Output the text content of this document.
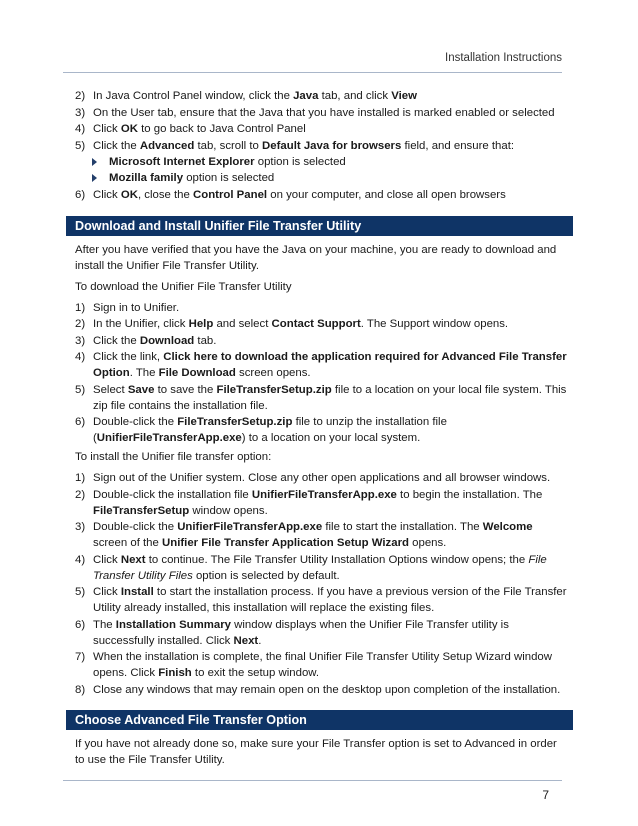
Installation Instructions
2) In Java Control Panel window, click the Java tab, and click View
3) On the User tab, ensure that the Java that you have installed is marked enabled or selected
4) Click OK to go back to Java Control Panel
5) Click the Advanced tab, scroll to Default Java for browsers field, and ensure that:
Microsoft Internet Explorer option is selected
Mozilla family option is selected
6) Click OK, close the Control Panel on your computer, and close all open browsers
Download and Install Unifier File Transfer Utility

After you have verified that you have the Java on your machine, you are ready to download and install the Unifier File Transfer Utility.

To download the Unifier File Transfer Utility

1) Sign in to Unifier.
2) In the Unifier, click Help and select Contact Support. The Support window opens.
3) Click the Download tab.
4) Click the link, Click here to download the application required for Advanced File Transfer Option. The File Download screen opens.
5) Select Save to save the FileTransferSetup.zip file to a location on your local file system. This zip file contains the installation file.
6) Double-click the FileTransferSetup.zip file to unzip the installation file (UnifierFileTransferApp.exe) to a location on your local system.

To install the Unifier file transfer option:

1) Sign out of the Unifier system. Close any other open applications and all browser windows.
2) Double-click the installation file UnifierFileTransferApp.exe to begin the installation. The FileTransferSetup window opens.
3) Double-click the UnifierFileTransferApp.exe file to start the installation. The Welcome screen of the Unifier File Transfer Application Setup Wizard opens.
4) Click Next to continue. The File Transfer Utility Installation Options window opens; the File Transfer Utility Files option is selected by default.
5) Click Install to start the installation process. If you have a previous version of the File Transfer Utility already installed, this installation will replace the existing files.
6) The Installation Summary window displays when the Unifier File Transfer utility is successfully installed. Click Next.
7) When the installation is complete, the final Unifier File Transfer Utility Setup Wizard window opens. Click Finish to exit the setup window.
8) Close any windows that may remain open on the desktop upon completion of the installation.
Choose Advanced File Transfer Option

If you have not already done so, make sure your File Transfer option is set to Advanced in order to use the File Transfer Utility.

7
